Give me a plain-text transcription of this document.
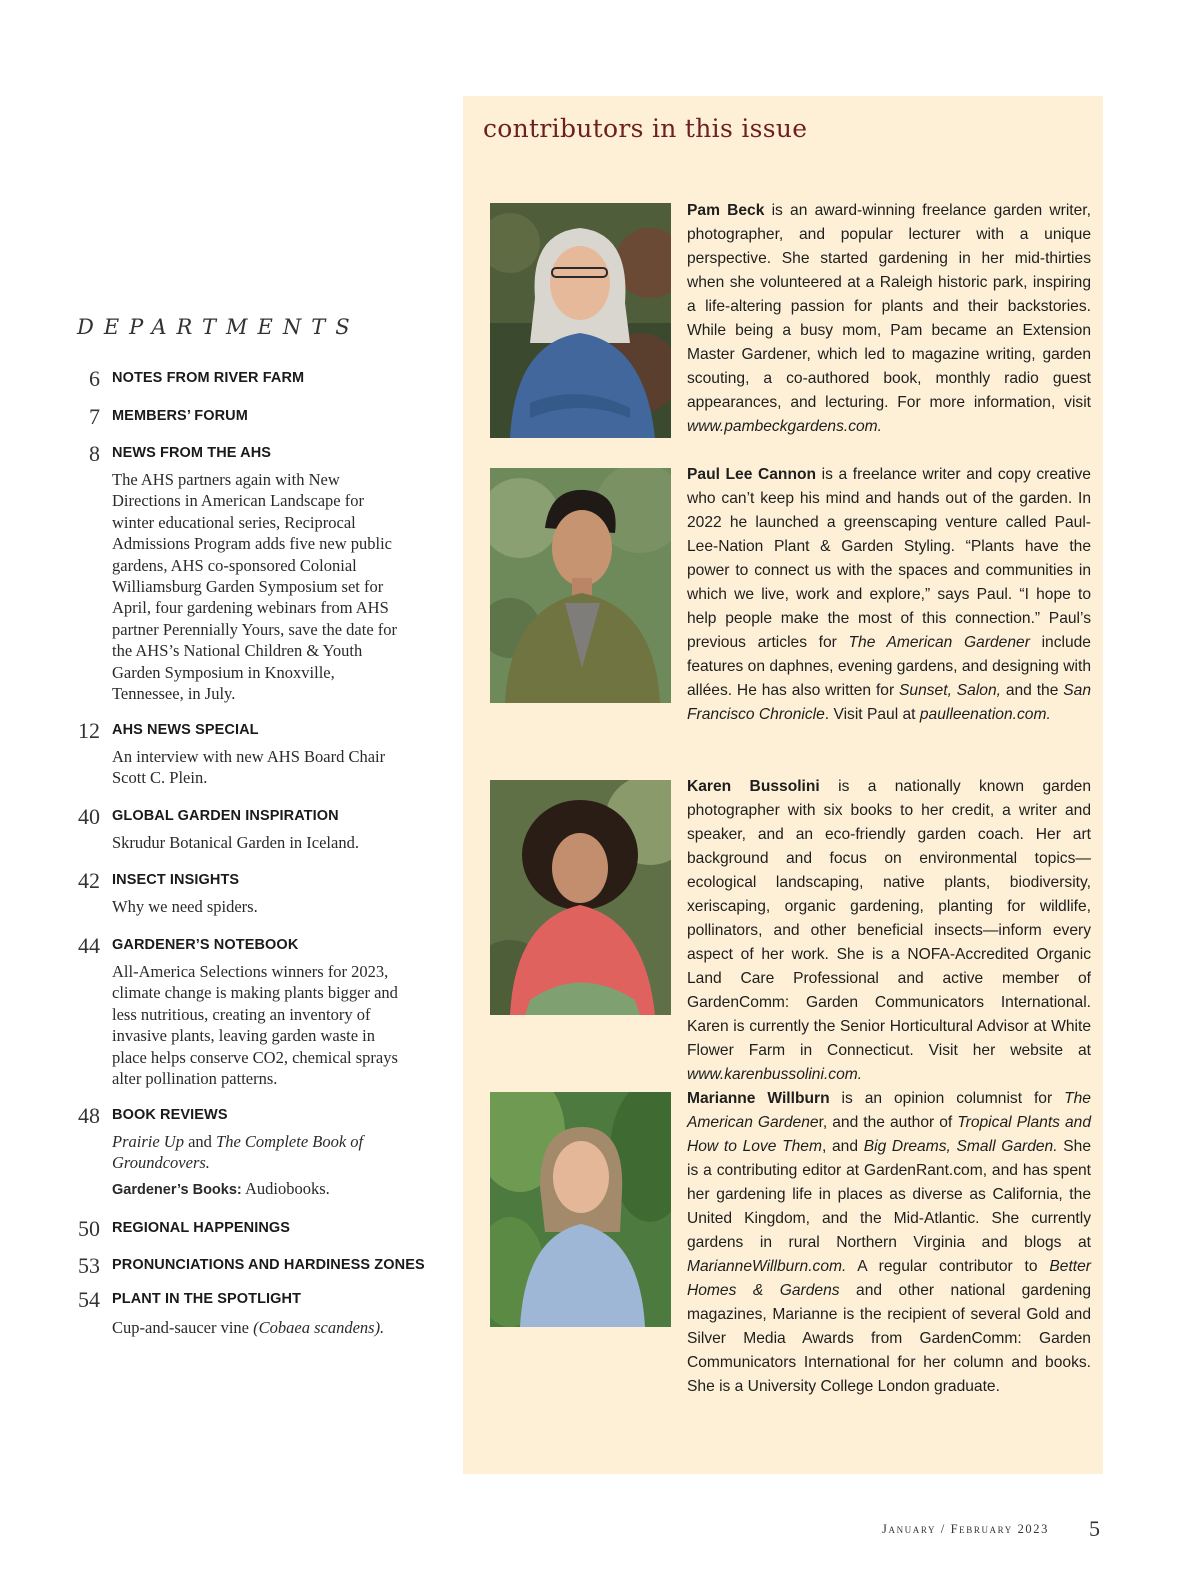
DEPARTMENTS
6 NOTES FROM RIVER FARM
7 MEMBERS’ FORUM
8 NEWS FROM THE AHS

The AHS partners again with New Directions in American Landscape for winter educational series, Reciprocal Admissions Program adds five new public gardens, AHS co-sponsored Colonial Williamsburg Garden Symposium set for April, four gardening webinars from AHS partner Perennially Yours, save the date for the AHS’s National Children & Youth Garden Symposium in Knoxville, Tennessee, in July.

12 AHS NEWS SPECIAL

An interview with new AHS Board Chair Scott C. Plein.

40 GLOBAL GARDEN INSPIRATION

Skrudur Botanical Garden in Iceland.

42 INSECT INSIGHTS

Why we need spiders.

44 GARDENER’S NOTEBOOK

All-America Selections winners for 2023, climate change is making plants bigger and less nutritious, creating an inventory of invasive plants, leaving garden waste in place helps conserve CO2, chemical sprays alter pollination patterns.

48 BOOK REVIEWS

Prairie Up and The Complete Book of Groundcovers.

Gardener’s Books: Audiobooks.
50 REGIONAL HAPPENINGS
53 PRONUNCIATIONS AND HARDINESS ZONES
54 PLANT IN THE SPOTLIGHT

Cup-and-saucer vine (Cobaea scandens).

contributors in this issue

Pam Beck is an award-winning freelance garden writer, photographer, and popular lecturer with a unique perspective. She started gardening in her mid-thirties when she volunteered at a Raleigh historic park, inspiring a life-altering passion for plants and their backstories. While being a busy mom, Pam became an Extension Master Gardener, which led to magazine writing, garden scouting, a co-authored book, monthly radio guest appearances, and lecturing. For more information, visit www.pambeckgardens.com.

Paul Lee Cannon is a freelance writer and copy creative who can’t keep his mind and hands out of the garden. In 2022 he launched a greenscaping venture called Paul-Lee-Nation Plant & Garden Styling. “Plants have the power to connect us with the spaces and communities in which we live, work and explore,” says Paul. “I hope to help people make the most of this connection.” Paul’s previous articles for The American Gardener include features on daphnes, evening gardens, and designing with allées. He has also written for Sunset, Salon, and the San Francisco Chronicle. Visit Paul at paulleenation.com.

Karen Bussolini is a nationally known garden photographer with six books to her credit, a writer and speaker, and an eco-friendly garden coach. Her art background and focus on environmental topics—ecological landscaping, native plants, biodiversity, xeriscaping, organic gardening, planting for wildlife, pollinators, and other beneficial insects—inform every aspect of her work. She is a NOFA-Accredited Organic Land Care Professional and active member of GardenComm: Garden Communicators International. Karen is currently the Senior Horticultural Advisor at White Flower Farm in Connecticut. Visit her website at www.karenbussolini.com.

Marianne Willburn is an opinion columnist for The American Gardener, and the author of Tropical Plants and How to Love Them, and Big Dreams, Small Garden. She is a contributing editor at GardenRant.com, and has spent her gardening life in places as diverse as California, the United Kingdom, and the Mid-Atlantic. She currently gardens in rural Northern Virginia and blogs at MarianneWillburn.com. A regular contributor to Better Homes & Gardens and other national gardening magazines, Marianne is the recipient of several Gold and Silver Media Awards from GardenComm: Garden Communicators International for her column and books. She is a University College London graduate.

January / February 2023 5
